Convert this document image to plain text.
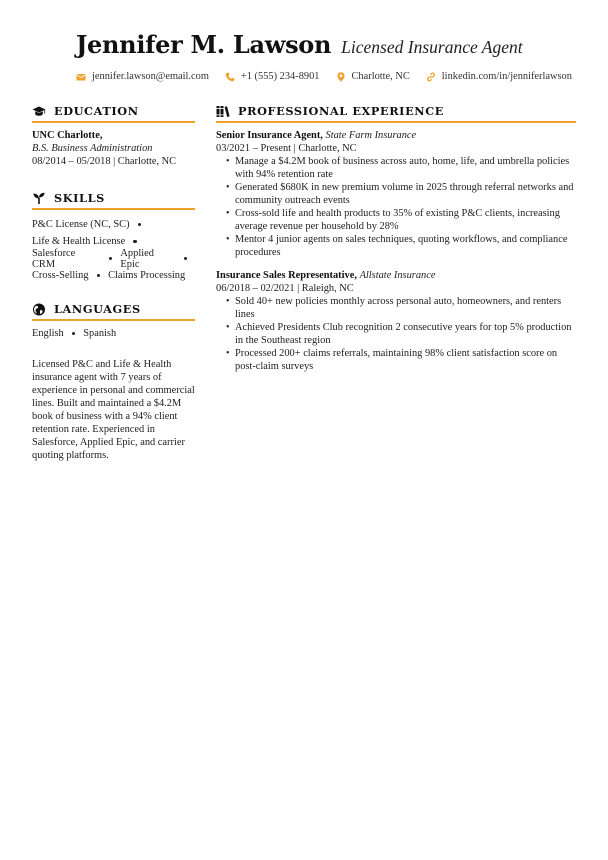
Jennifer M. Lawson Licensed Insurance Agent
jennifer.lawson@email.com	+1 (555) 234-8901	Charlotte, NC	linkedin.com/in/jenniferlawson
EDUCATION
UNC Charlotte,
B.S. Business Administration
08/2014 – 05/2018 | Charlotte, NC
SKILLS
P&C License (NC, SC)
Life & Health License
Salesforce CRM
Applied Epic
Cross-Selling Claims Processing
LANGUAGES
English Spanish
Licensed P&C and Life & Health insurance agent with 7 years of experience in personal and commercial lines. Built and maintained a $4.2M book of business with a 94% client retention rate. Experienced in Salesforce, Applied Epic, and carrier quoting platforms.
PROFESSIONAL EXPERIENCE
Senior Insurance Agent, State Farm Insurance
03/2021 – Present | Charlotte, NC
• Manage a $4.2M book of business across auto, home, life, and umbrella policies with 94% retention rate
• Generated $680K in new premium volume in 2025 through referral networks and community outreach events
• Cross-sold life and health products to 35% of existing P&C clients, increasing average revenue per household by 28%
• Mentor 4 junior agents on sales techniques, quoting workflows, and compliance procedures
Insurance Sales Representative, Allstate Insurance
06/2018 – 02/2021 | Raleigh, NC
• Sold 40+ new policies monthly across personal auto, homeowners, and renters lines
• Achieved Presidents Club recognition 2 consecutive years for top 5% production in the Southeast region
• Processed 200+ claims referrals, maintaining 98% client satisfaction score on post-claim surveys
